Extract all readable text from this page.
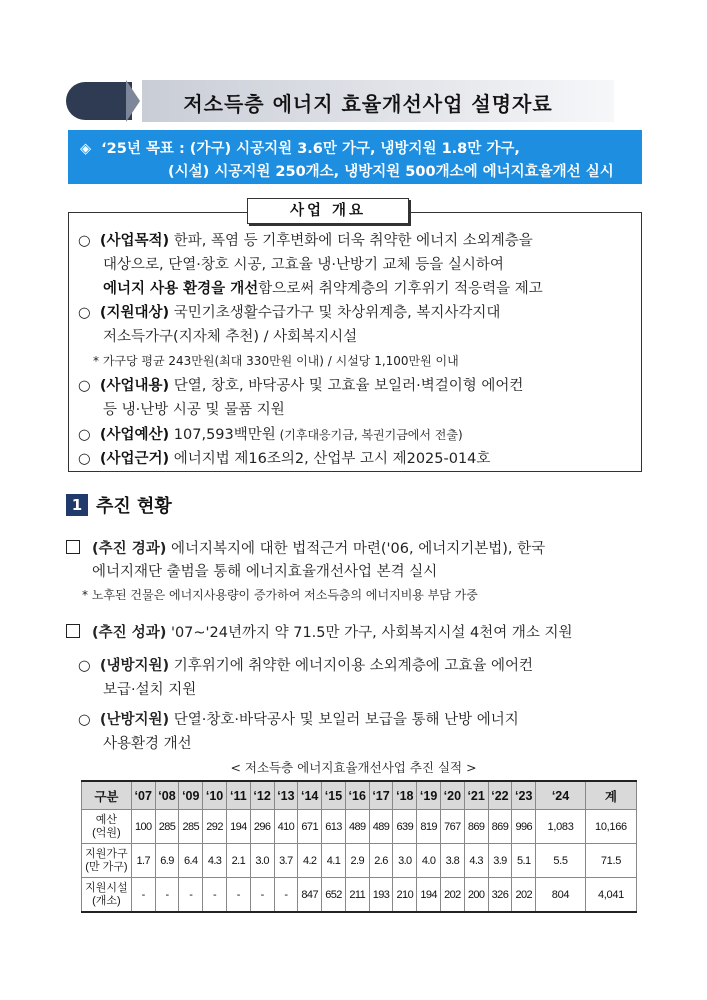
저소득층 에너지 효율개선사업 설명자료
◈ ‘25년 목표 : (가구) 시공지원 3.6만 가구, 냉방지원 1.8만 가구,
(시설) 시공지원 250개소, 냉방지원 500개소에 에너지효율개선 실시
사업 개요
○  (사업목적) 한파, 폭염 등 기후변화에 더욱 취약한 에너지 소외계층을
대상으로, 단열·창호 시공, 고효율 냉·난방기 교체 등을 실시하여
에너지 사용 환경을 개선함으로써 취약계층의 기후위기 적응력을 제고
○  (지원대상) 국민기초생활수급가구 및 차상위계층, 복지사각지대
저소득가구(지자체 추천) / 사회복지시설
* 가구당 평균 243만원(최대 330만원 이내) / 시설당 1,100만원 이내
○  (사업내용) 단열, 창호, 바닥공사 및 고효율 보일러·벽걸이형 에어컨
등 냉·난방 시공 및 물품 지원
○  (사업예산) 107,593백만원 (기후대응기금, 복권기금에서 전출)
○  (사업근거) 에너지법 제16조의2, 산업부 고시 제2025-014호
1 추진 현황
(추진 경과) 에너지복지에 대한 법적근거 마련('06, 에너지기본법), 한국
에너지재단 출범을 통해 에너지효율개선사업 본격 실시
* 노후된 건물은 에너지사용량이 증가하여 저소득층의 에너지비용 부담 가중
(추진 성과) '07~'24년까지 약 71.5만 가구, 사회복지시설 4천여 개소 지원
○  (냉방지원) 기후위기에 취약한 에너지이용 소외계층에 고효율 에어컨
보급·설치 지원
○  (난방지원) 단열·창호·바닥공사 및 보일러 보급을 통해 난방 에너지
사용환경 개선
< 저소득층 에너지효율개선사업 추진 실적 >
구분	‘07	‘08	‘09	‘10	‘11	‘12	‘13	‘14	‘15	‘16	‘17	‘18	‘19	‘20	‘21	‘22	‘23	‘24	계

예산
(억원)	100	285	285	292	194	296	410	671	613	489	489	639	819	767	869	869	996	1,083	10,166

지원가구
(만 가구)	1.7	6.9	6.4	4.3	2.1	3.0	3.7	4.2	4.1	2.9	2.6	3.0	4.0	3.8	4.3	3.9	5.1	5.5	71.5

지원시설
(개소)	-	-	-	-	-	-	-	847	652	211	193	210	194	202	200	326	202	804	4,041
